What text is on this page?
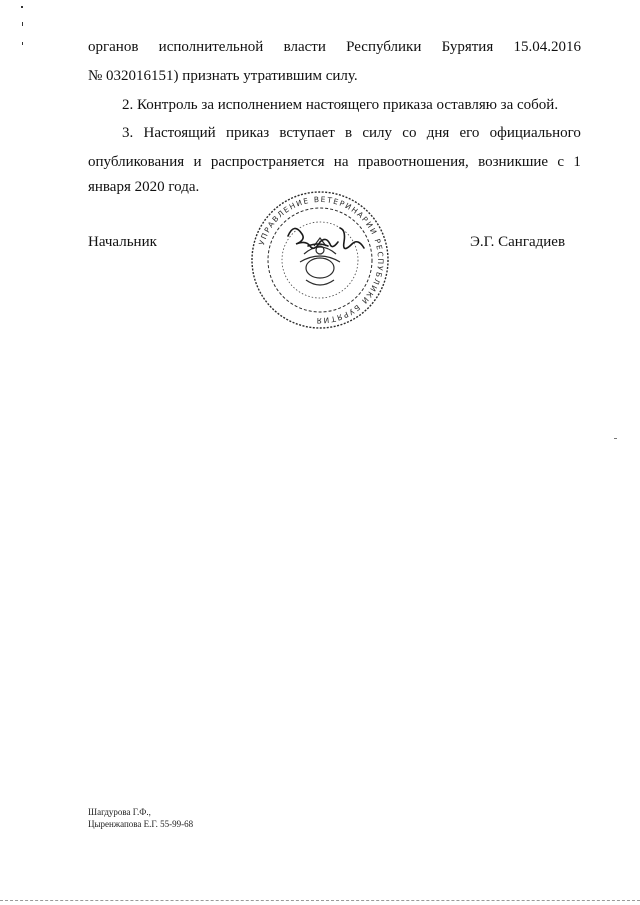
органов исполнительной власти Республики Бурятия 15.04.2016
№ 032016151) признать утратившим силу.
2. Контроль за исполнением настоящего приказа оставляю за собой.
3. Настоящий приказ вступает в силу со дня его официального
опубликования и распространяется на правоотношения, возникшие с 1
января 2020 года.
Начальник	Э.Г. Сангадиев
УПРАВЛЕНИЕ ВЕТЕРИНАРИИ РЕСПУБЛИКИ БУРЯТИЯ
Шагдурова Г.Ф.,
Цыренжапова Е.Г. 55-99-68
